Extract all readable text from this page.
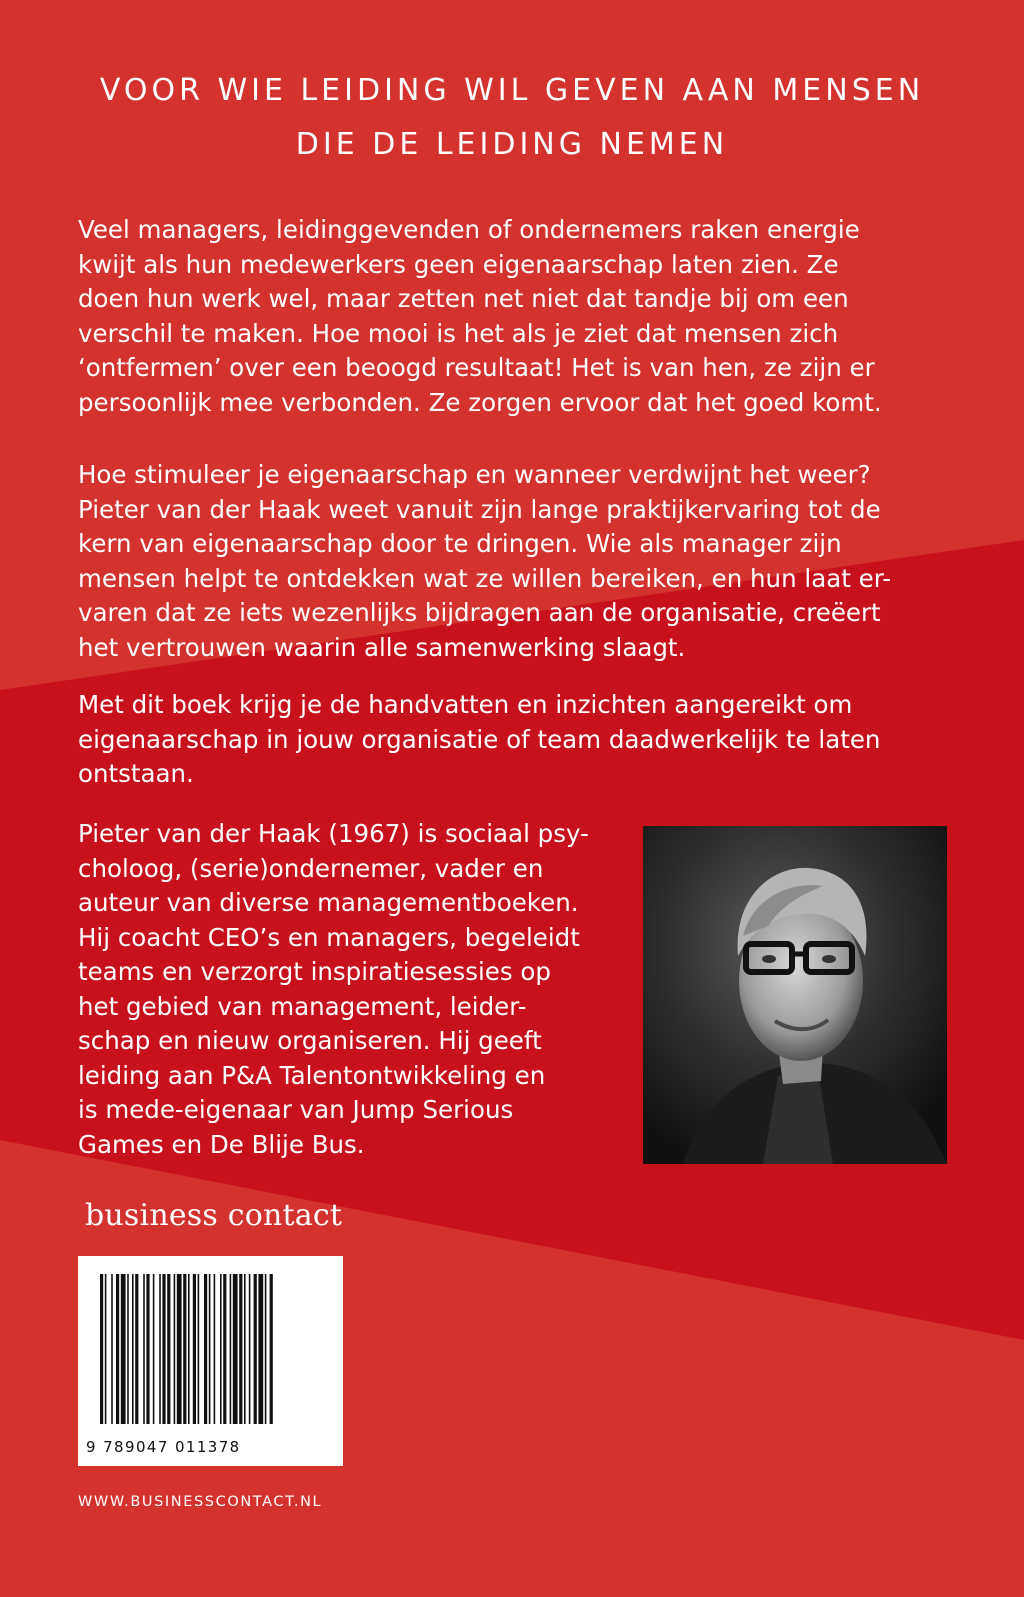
VOOR WIE LEIDING WIL GEVEN AAN MENSEN
DIE DE LEIDING NEMEN
Veel managers, leidinggevenden of ondernemers raken energie
kwijt als hun medewerkers geen eigenaarschap laten zien. Ze
doen hun werk wel, maar zetten net niet dat tandje bij om een
verschil te maken. Hoe mooi is het als je ziet dat mensen zich
‘ontfermen’ over een beoogd resultaat! Het is van hen, ze zijn er
persoonlijk mee verbonden. Ze zorgen ervoor dat het goed komt.
Hoe stimuleer je eigenaarschap en wanneer verdwijnt het weer?
Pieter van der Haak weet vanuit zijn lange praktijkervaring tot de
kern van eigenaarschap door te dringen. Wie als manager zijn
mensen helpt te ontdekken wat ze willen bereiken, en hun laat er-
varen dat ze iets wezenlijks bijdragen aan de organisatie, creëert
het vertrouwen waarin alle samenwerking slaagt.
Met dit boek krijg je de handvatten en inzichten aangereikt om
eigenaarschap in jouw organisatie of team daadwerkelijk te laten
ontstaan.
Pieter van der Haak (1967) is sociaal psy-
choloog, (serie)ondernemer, vader en
auteur van diverse managementboeken.
Hij coacht CEO’s en managers, begeleidt
teams en verzorgt inspiratiesessies op
het gebied van management, leider-
schap en nieuw organiseren. Hij geeft
leiding aan P&A Talentontwikkeling en
is mede-eigenaar van Jump Serious
Games en De Blije Bus.
business contact
9 789047 011378
WWW.BUSINESSCONTACT.NL
